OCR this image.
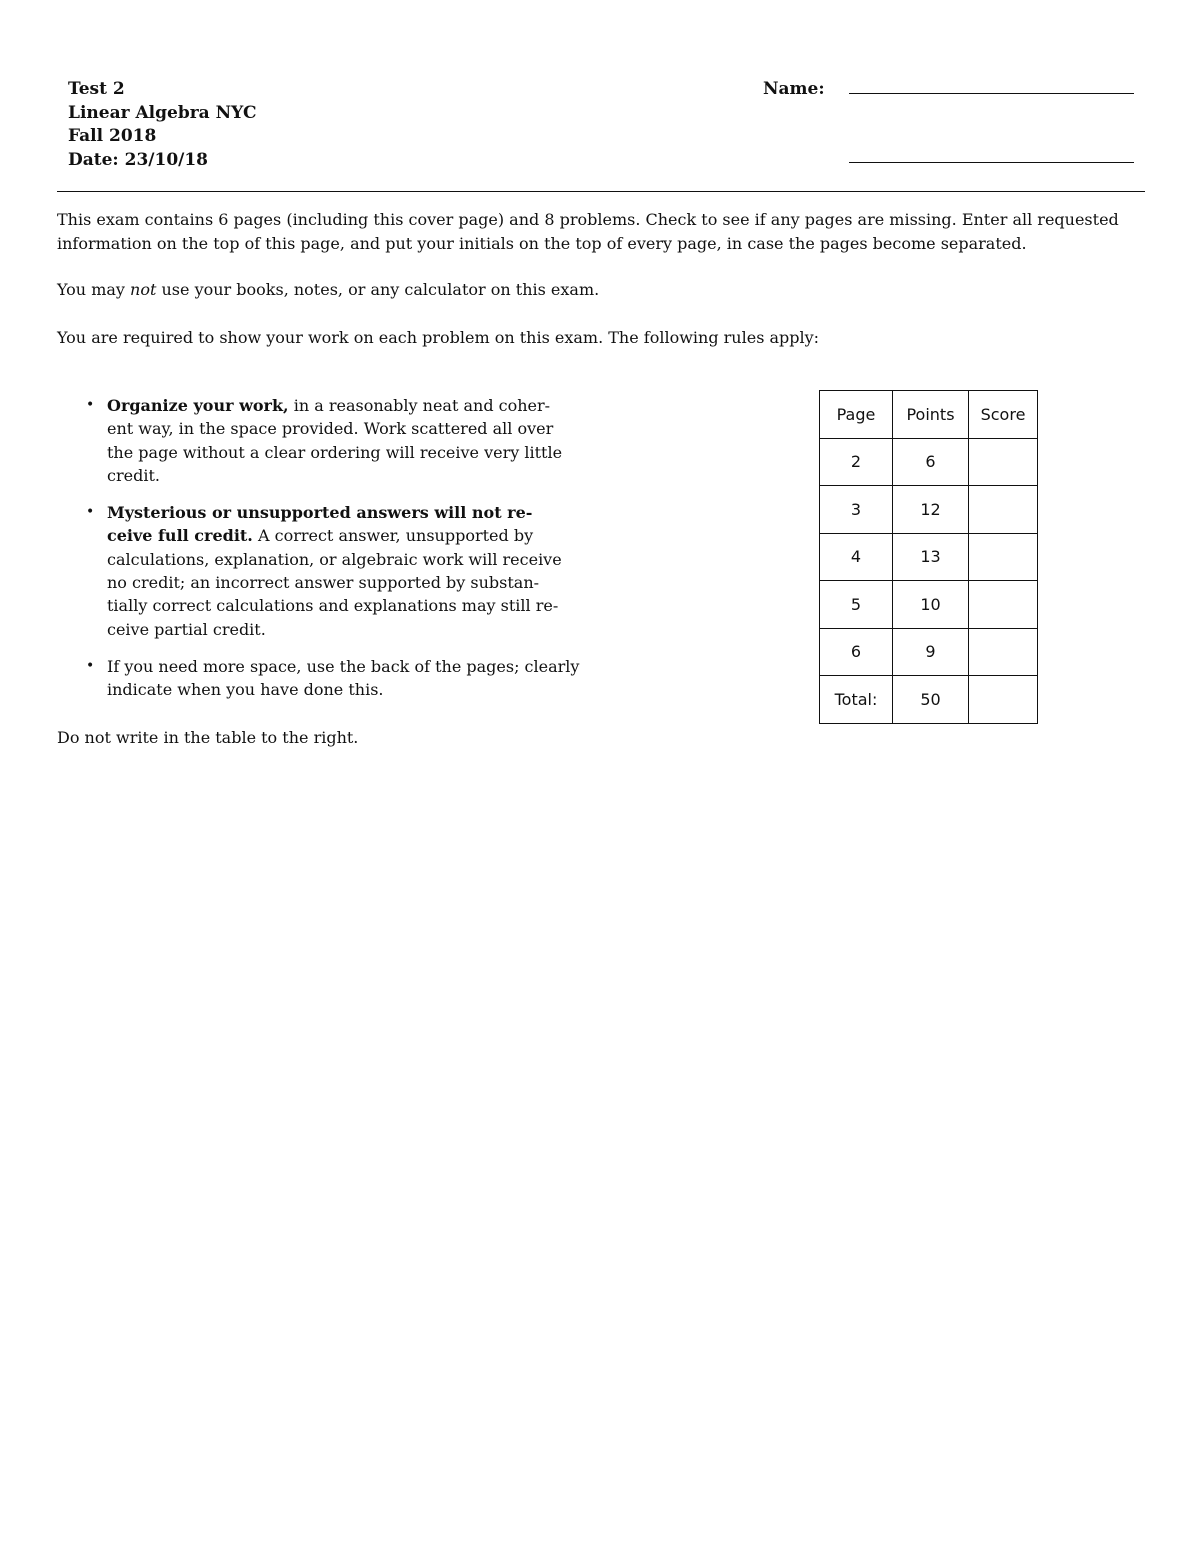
Test 2
Linear Algebra NYC
Fall 2018
Date: 23/10/18
Name:
This exam contains 6 pages (including this cover page) and 8 problems. Check to see if any pages are missing. Enter all requested
information on the top of this page, and put your initials on the top of every page, in case the pages become separated.
You may not use your books, notes, or any calculator on this exam.
You are required to show your work on each problem on this exam. The following rules apply:
• Organize your work, in a reasonably neat and coher-
ent way, in the space provided. Work scattered all over
the page without a clear ordering will receive very little
credit.
• Mysterious or unsupported answers will not re-
ceive full credit. A correct answer, unsupported by
calculations, explanation, or algebraic work will receive
no credit; an incorrect answer supported by substan-
tially correct calculations and explanations may still re-
ceive partial credit.
• If you need more space, use the back of the pages; clearly
indicate when you have done this.
Do not write in the table to the right.
Page	Points	Score
2	6	
3	12	
4	13	
5	10	
6	9	
Total:	50	
